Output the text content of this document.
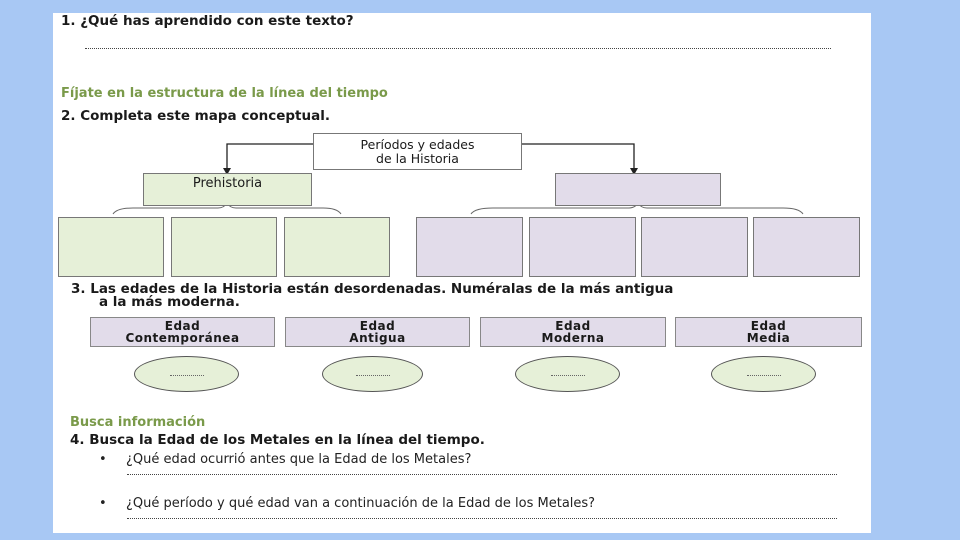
1. ¿Qué has aprendido con este texto?
Fíjate en la estructura de la línea del tiempo
2. Completa este mapa conceptual.
Períodos y edades
de la Historia
Prehistoria
3. Las edades de la Historia están desordenadas. Numéralas de la más antigua
a la más moderna.
Edad
Contemporánea
Edad
Antigua
Edad
Moderna
Edad
Media
Busca información
4. Busca la Edad de los Metales en la línea del tiempo.
• ¿Qué edad ocurrió antes que la Edad de los Metales?
• ¿Qué período y qué edad van a continuación de la Edad de los Metales?
